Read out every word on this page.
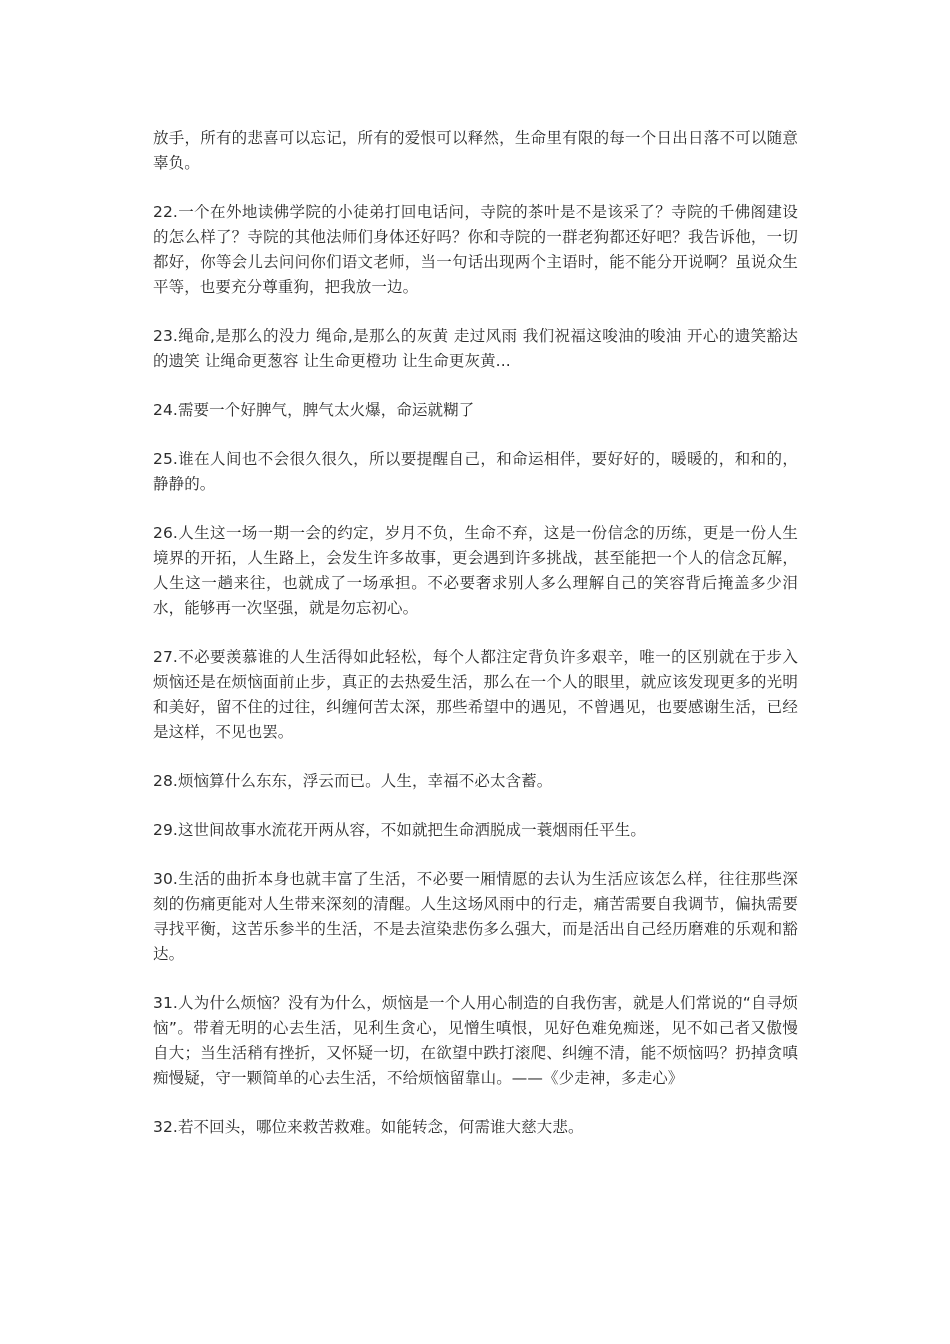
放手，所有的悲喜可以忘记，所有的爱恨可以释然，生命里有限的每一个日出日落不可以随意辜负。

22.一个在外地读佛学院的小徒弟打回电话问，寺院的茶叶是不是该采了？寺院的千佛阁建设的怎么样了？寺院的其他法师们身体还好吗？你和寺院的一群老狗都还好吧？我告诉他，一切都好，你等会儿去问问你们语文老师，当一句话出现两个主语时，能不能分开说啊？虽说众生平等，也要充分尊重狗，把我放一边。

23.绳命,是那么的没力 绳命,是那么的灰黄 走过风雨 我们祝福这唆油的唆油 开心的遗笑豁达的遗笑 让绳命更葱容 让生命更橙功 让生命更灰黄...

24.需要一个好脾气，脾气太火爆，命运就糊了

25.谁在人间也不会很久很久，所以要提醒自己，和命运相伴，要好好的，暖暖的，和和的，静静的。

26.人生这一场一期一会的约定，岁月不负，生命不弃，这是一份信念的历练，更是一份人生境界的开拓，人生路上，会发生许多故事，更会遇到许多挑战，甚至能把一个人的信念瓦解，人生这一趟来往，也就成了一场承担。不必要奢求别人多么理解自己的笑容背后掩盖多少泪水，能够再一次坚强，就是勿忘初心。

27.不必要羡慕谁的人生活得如此轻松，每个人都注定背负许多艰辛，唯一的区别就在于步入烦恼还是在烦恼面前止步，真正的去热爱生活，那么在一个人的眼里，就应该发现更多的光明和美好，留不住的过往，纠缠何苦太深，那些希望中的遇见，不曾遇见，也要感谢生活，已经是这样，不见也罢。

28.烦恼算什么东东，浮云而已。人生，幸福不必太含蓄。

29.这世间故事水流花开两从容，不如就把生命洒脱成一蓑烟雨任平生。

30.生活的曲折本身也就丰富了生活，不必要一厢情愿的去认为生活应该怎么样，往往那些深刻的伤痛更能对人生带来深刻的清醒。人生这场风雨中的行走，痛苦需要自我调节，偏执需要寻找平衡，这苦乐参半的生活，不是去渲染悲伤多么强大，而是活出自己经历磨难的乐观和豁达。

31.人为什么烦恼？没有为什么，烦恼是一个人用心制造的自我伤害，就是人们常说的“自寻烦恼”。带着无明的心去生活，见利生贪心，见憎生嗔恨，见好色难免痴迷，见不如己者又傲慢自大；当生活稍有挫折，又怀疑一切，在欲望中跌打滚爬、纠缠不清，能不烦恼吗？扔掉贪嗔痴慢疑，守一颗简单的心去生活，不给烦恼留靠山。——《少走神，多走心》

32.若不回头，哪位来救苦救难。如能转念，何需谁大慈大悲。
